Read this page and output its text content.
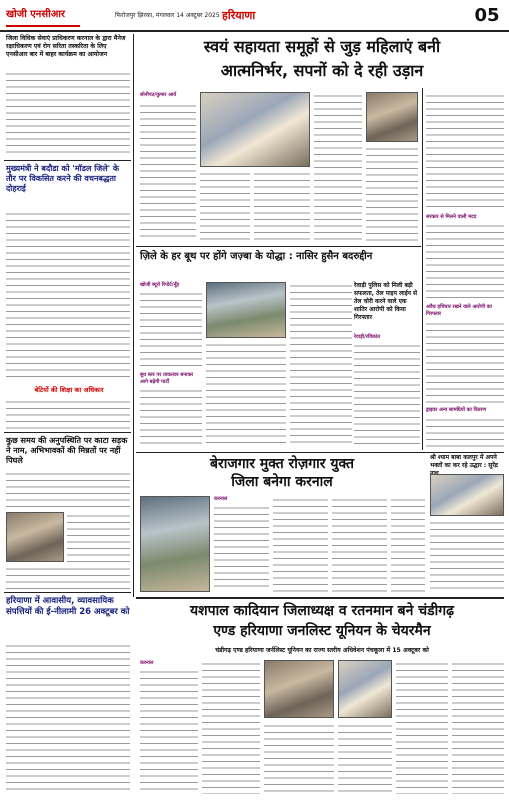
खोजी एनसीआर	फिरोजपुर झिरका, मंगलवार 14 अक्टूबर 2025 हरियाणा	05
जिला विधिक सेवाएं प्राधिकरण करनाल के द्वारा मैनेज रक्षाधिकरण एवं रोग सरिता तस्करिता के लिए एनसीआर बार में बाहर कार्यक्रम का आयोजन
मुख्यमंत्री ने बदौडा को 'मॉडल जिले' के तौर पर विकसित करने की वचनबद्धता दोहराई
बेटियों की शिक्षा का अधिकार
कुछ समय की अनुपस्थिति पर काटा सड़क ने नाम, अभिभावकों की मिन्नतों पर नहीं पिघले
हरियाणा में आवासीय, व्यावसायिक संपत्तियों की ई-नीलामी 26 अक्टूबर को
स्वयं सहायता समूहों से जुड़ महिलाएं बनी
आत्मनिर्भर, सपनों को दे रही उड़ान
सोनीपत/कुमार आर्य
सरकार से मिलने वाली मदद
अवैध हथियार रखने वाले आरोपी का गिरफ्तार
ड्राइवर अन्य सामग्रियों का वितरण
ज़िले के हर बूथ पर होंगे जज़्बा के योद्धा : नासिर हुसैन बदरुद्दीन
खोजी ब्यूरो रिपोर्ट/नूँह
बूथ स्तर पर ताकतवर बनाकर आगे बढ़ेगी पार्टी
श्री श्याम बाबा कलपुर में अपने भक्तों का कर रहे उद्धार : सुरेंद्र
बेराजगार मुक्त रोज़गार युक्त
जिला बनेगा करनाल
करनाल
यशपाल कादियान जिलाध्यक्ष व रतनमान बने चंडीगढ़
एण्ड हरियाणा जनलिस्ट यूनियन के चेयरमैन
चंडीगढ़ एण्ड हरियाणा जर्नलिस्ट यूनियन का राज्य स्तरीय अधिवेशन पंचकूला में 15 अक्टूबर को
करनाल
रेवाड़ी पुलिस को मिली बड़ी सफलता, तेल पाइप लाईन से तेल चोरी करने वाले एक शातिर आरोपी को किया गिरफ्तार
रेवाड़ी/रविकांत
